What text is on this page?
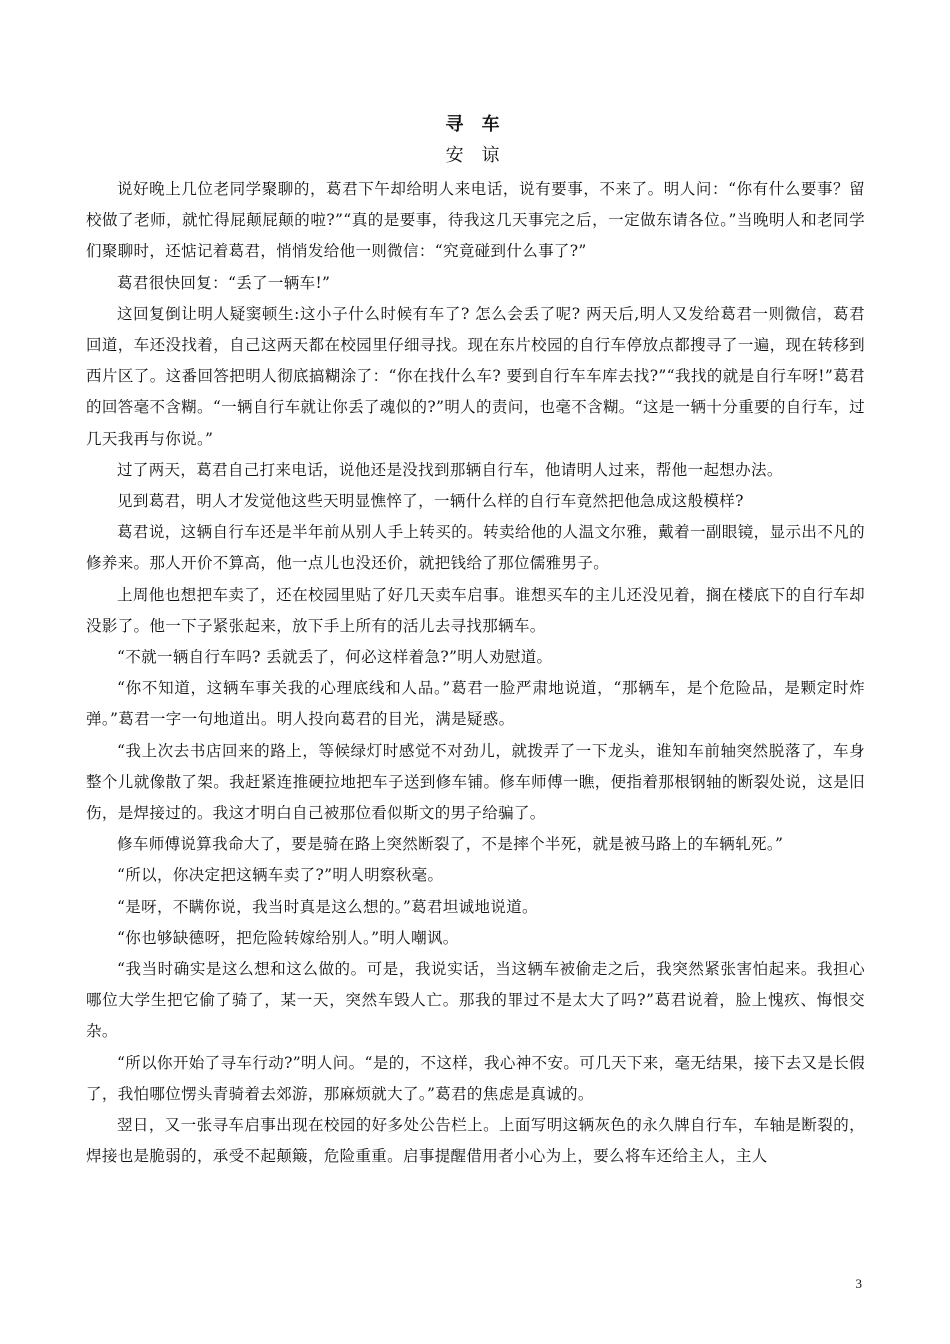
寻 车
安 谅

说好晚上几位老同学聚聊的，葛君下午却给明人来电话，说有要事，不来了。明人问：“你有什么要事？留校做了老师，就忙得屁颠屁颠的啦?”“真的是要事，待我这几天事完之后，一定做东请各位。”当晚明人和老同学们聚聊时，还惦记着葛君，悄悄发给他一则微信：“究竟碰到什么事了?”

葛君很快回复：“丢了一辆车!”

这回复倒让明人疑窦顿生:这小子什么时候有车了? 怎么会丢了呢? 两天后,明人又发给葛君一则微信，葛君回道，车还没找着，自己这两天都在校园里仔细寻找。现在东片校园的自行车停放点都搜寻了一遍，现在转移到西片区了。这番回答把明人彻底搞糊涂了：“你在找什么车? 要到自行车车库去找?”“我找的就是自行车呀!”葛君的回答毫不含糊。“一辆自行车就让你丢了魂似的?”明人的责问，也毫不含糊。“这是一辆十分重要的自行车，过几天我再与你说。”

过了两天，葛君自己打来电话，说他还是没找到那辆自行车，他请明人过来，帮他一起想办法。

见到葛君，明人才发觉他这些天明显憔悴了，一辆什么样的自行车竟然把他急成这般模样?

葛君说，这辆自行车还是半年前从别人手上转买的。转卖给他的人温文尔雅，戴着一副眼镜，显示出不凡的修养来。那人开价不算高，他一点儿也没还价，就把钱给了那位儒雅男子。

上周他也想把车卖了，还在校园里贴了好几天卖车启事。谁想买车的主儿还没见着，搁在楼底下的自行车却没影了。他一下子紧张起来，放下手上所有的活儿去寻找那辆车。

“不就一辆自行车吗? 丢就丢了，何必这样着急?”明人劝慰道。

“你不知道，这辆车事关我的心理底线和人品。”葛君一脸严肃地说道，“那辆车，是个危险品，是颗定时炸弹。”葛君一字一句地道出。明人投向葛君的目光，满是疑惑。

“我上次去书店回来的路上，等候绿灯时感觉不对劲儿，就拨弄了一下龙头，谁知车前轴突然脱落了，车身整个儿就像散了架。我赶紧连推硬拉地把车子送到修车铺。修车师傅一瞧，便指着那根钢轴的断裂处说，这是旧伤，是焊接过的。我这才明白自己被那位看似斯文的男子给骗了。

修车师傅说算我命大了，要是骑在路上突然断裂了，不是摔个半死，就是被马路上的车辆轧死。”

“所以，你决定把这辆车卖了?”明人明察秋毫。

“是呀，不瞒你说，我当时真是这么想的。”葛君坦诚地说道。

“你也够缺德呀，把危险转嫁给别人。”明人嘲讽。

“我当时确实是这么想和这么做的。可是，我说实话，当这辆车被偷走之后，我突然紧张害怕起来。我担心哪位大学生把它偷了骑了，某一天，突然车毁人亡。那我的罪过不是太大了吗?”葛君说着，脸上愧疚、悔恨交杂。

“所以你开始了寻车行动?”明人问。“是的，不这样，我心神不安。可几天下来，毫无结果，接下去又是长假了，我怕哪位愣头青骑着去郊游，那麻烦就大了。”葛君的焦虑是真诚的。

翌日，又一张寻车启事出现在校园的好多处公告栏上。上面写明这辆灰色的永久牌自行车，车轴是断裂的，焊接也是脆弱的，承受不起颠簸，危险重重。启事提醒借用者小心为上，要么将车还给主人，主人

3
